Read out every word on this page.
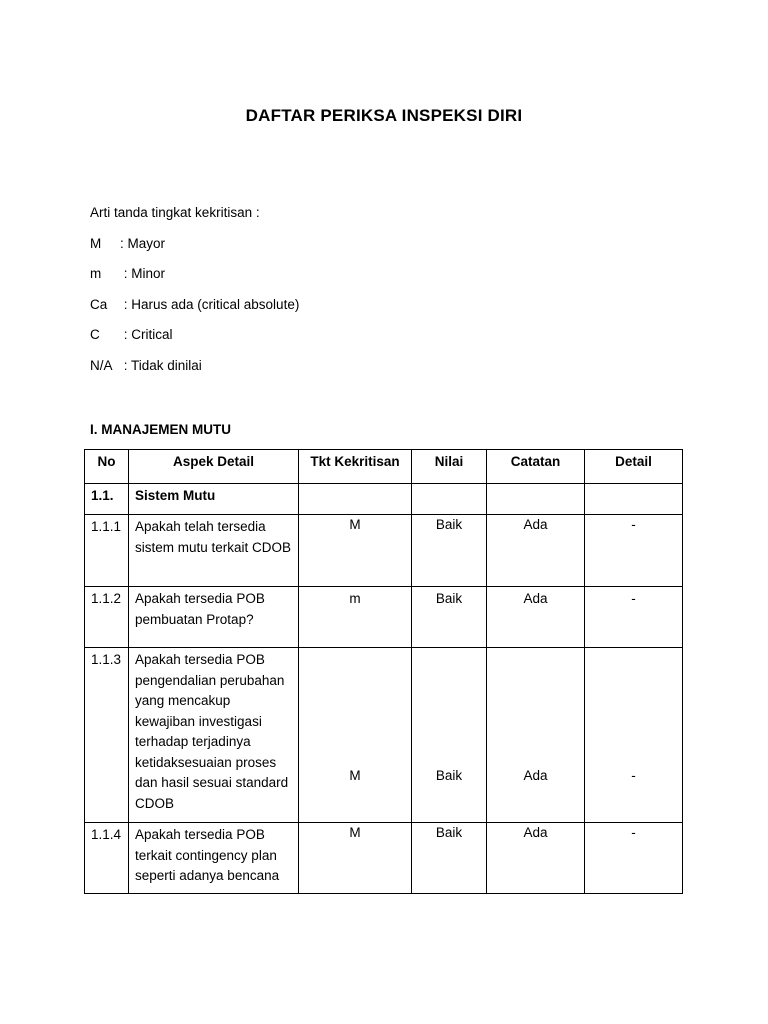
DAFTAR PERIKSA INSPEKSI DIRI
Arti tanda tingkat kekritisan :
M : Mayor
m : Minor
Ca : Harus ada (critical absolute)
C : Critical
N/A : Tidak dinilai
I. MANAJEMEN MUTU
No	Aspek Detail	Tkt Kekritisan	Nilai	Catatan	Detail
1.1.	Sistem Mutu				
1.1.1	Apakah telah tersedia sistem mutu terkait CDOB	M	Baik	Ada	-
1.1.2	Apakah tersedia POB pembuatan Protap?	m	Baik	Ada	-
1.1.3	Apakah tersedia POB pengendalian perubahan yang mencakup kewajiban investigasi terhadap terjadinya ketidaksesuaian proses dan hasil sesuai standard CDOB	M	Baik	Ada	-
1.1.4	Apakah tersedia POB terkait contingency plan seperti adanya bencana	M	Baik	Ada	-
